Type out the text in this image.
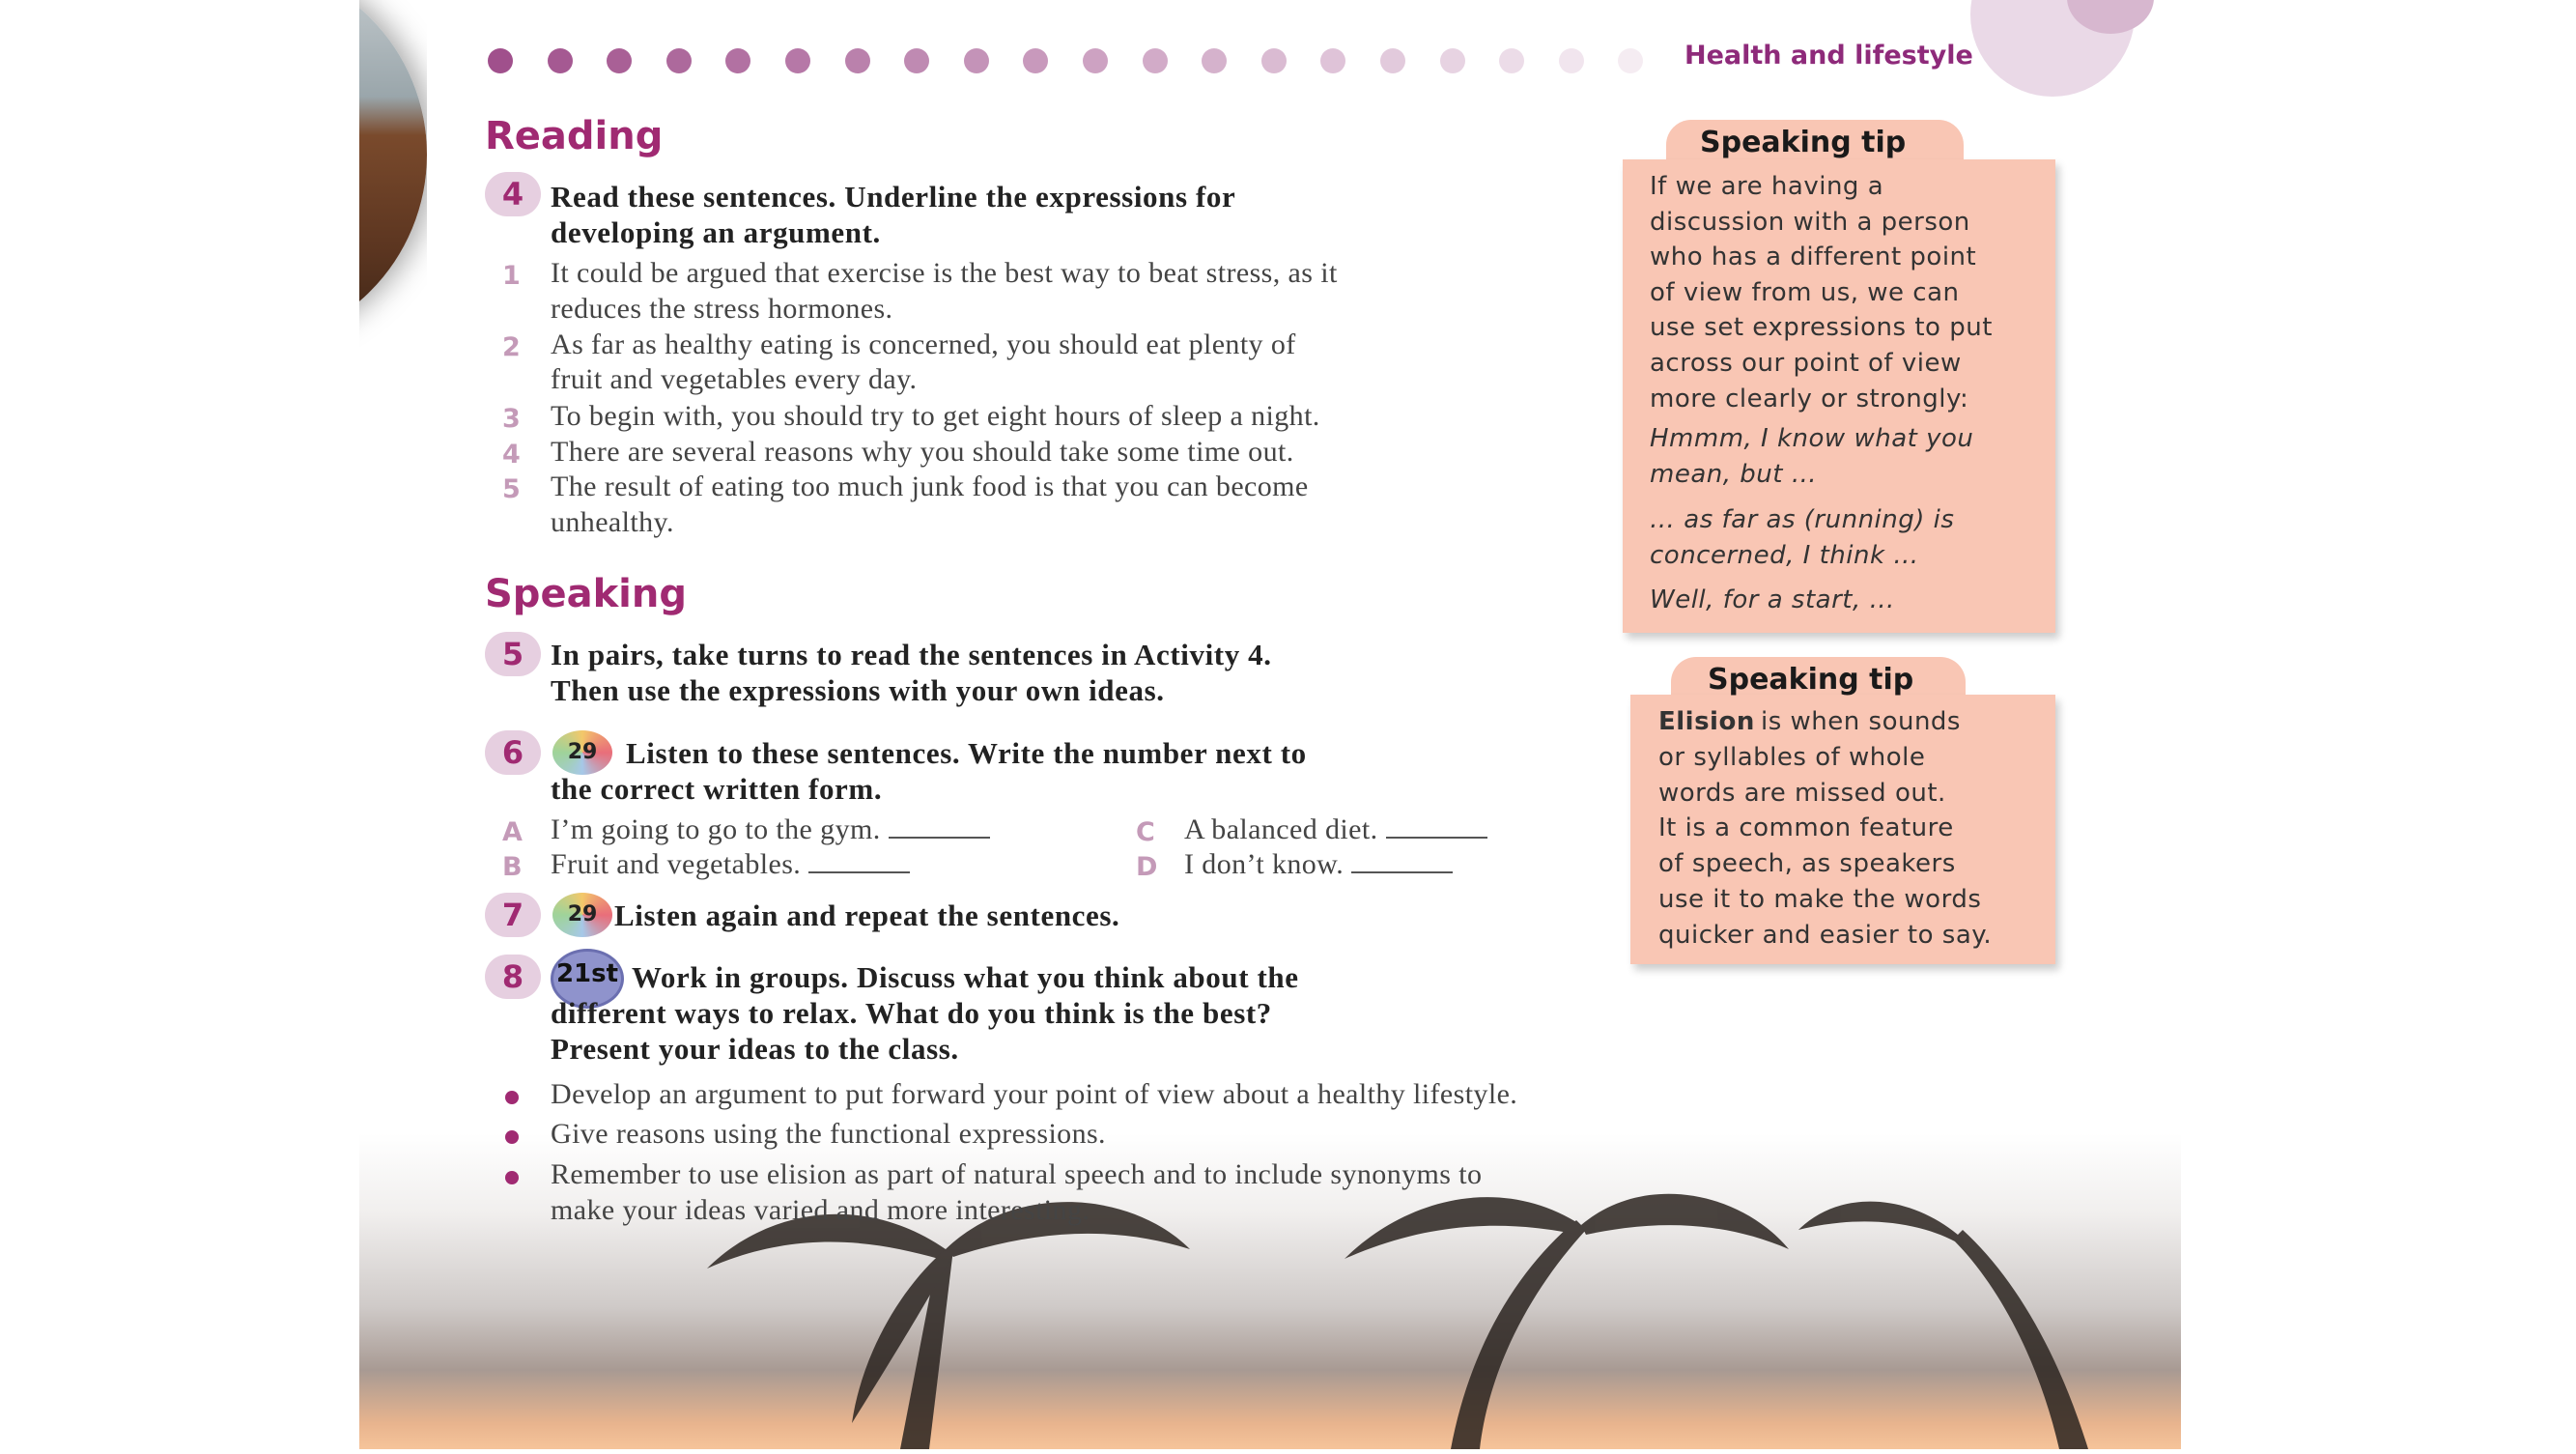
Health and lifestyle
Reading
4 Read these sentences. Underline the expressions for
developing an argument.
1 It could be argued that exercise is the best way to beat stress, as it
reduces the stress hormones.
2 As far as healthy eating is concerned, you should eat plenty of
fruit and vegetables every day.
3 To begin with, you should try to get eight hours of sleep a night.
4 There are several reasons why you should take some time out.
5 The result of eating too much junk food is that you can become
unhealthy.
Speaking
5 In pairs, take turns to read the sentences in Activity 4.
Then use the expressions with your own ideas.
6	29 Listen to these sentences. Write the number next to
the correct written form.
A I’m going to go to the gym.
B Fruit and vegetables.
C A balanced diet.
D I don’t know.
7	29 Listen again and repeat the sentences.
8	21st Work in groups. Discuss what you think about the
different ways to relax. What do you think is the best?
Present your ideas to the class.
Develop an argument to put forward your point of view about a healthy lifestyle.
Give reasons using the functional expressions.
Remember to use elision as part of natural speech and to include synonyms to
make your ideas varied and more interesting.
Speaking tip
If we are having a
discussion with a person
who has a different point
of view from us, we can
use set expressions to put
across our point of view
more clearly or strongly:
Hmmm, I know what you
mean, but …
… as far as (running) is
concerned, I think …
Well, for a start, …
Speaking tip
is when sounds
Elision
or syllables of whole
words are missed out.
It is a common feature
of speech, as speakers
use it to make the words
quicker and easier to say.
